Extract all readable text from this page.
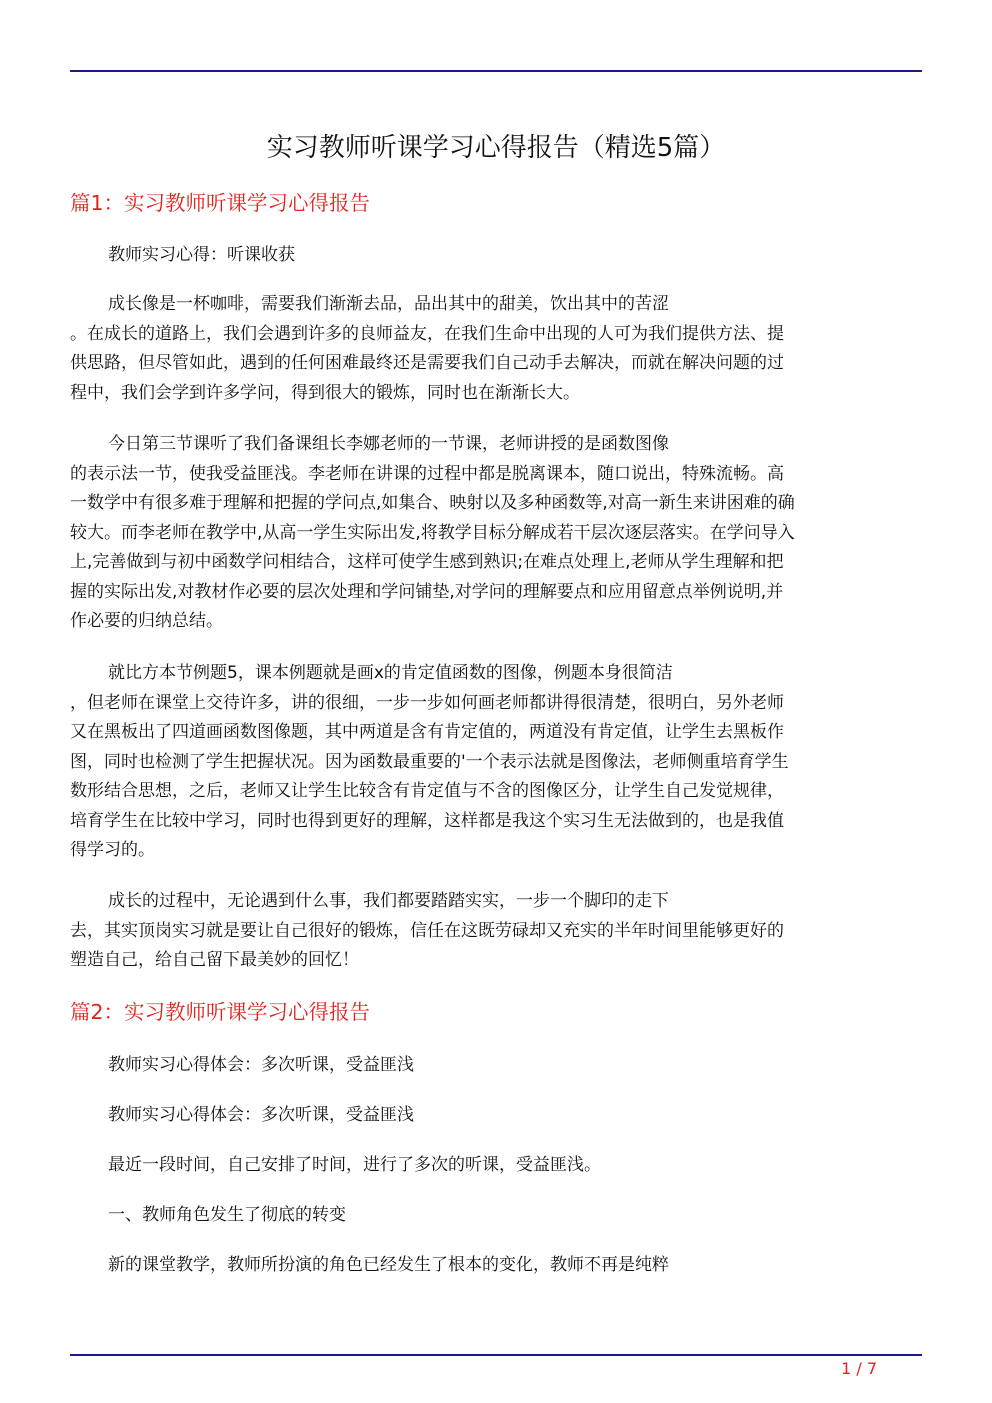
实习教师听课学习心得报告（精选5篇）
篇1：实习教师听课学习心得报告

教师实习心得：听课收获

成长像是一杯咖啡，需要我们渐渐去品，品出其中的甜美，饮出其中的苦涩
。在成长的道路上，我们会遇到许多的良师益友，在我们生命中出现的人可为我们提供方法、提
供思路，但尽管如此，遇到的任何困难最终还是需要我们自己动手去解决，而就在解决问题的过
程中，我们会学到许多学问，得到很大的锻炼，同时也在渐渐长大。

今日第三节课听了我们备课组长李娜老师的一节课，老师讲授的是函数图像
的表示法一节，使我受益匪浅。李老师在讲课的过程中都是脱离课本，随口说出，特殊流畅。高
一数学中有很多难于理解和把握的学问点,如集合、映射以及多种函数等,对高一新生来讲困难的确
较大。而李老师在教学中,从高一学生实际出发,将教学目标分解成若干层次逐层落实。在学问导入
上,完善做到与初中函数学问相结合，这样可使学生感到熟识;在难点处理上,老师从学生理解和把
握的实际出发,对教材作必要的层次处理和学问铺垫,对学问的理解要点和应用留意点举例说明,并
作必要的归纳总结。

就比方本节例题5，课本例题就是画x的肯定值函数的图像，例题本身很简洁
，但老师在课堂上交待许多，讲的很细，一步一步如何画老师都讲得很清楚，很明白，另外老师
又在黑板出了四道画函数图像题，其中两道是含有肯定值的，两道没有肯定值，让学生去黑板作
图，同时也检测了学生把握状况。因为函数最重要的'一个表示法就是图像法，老师侧重培育学生
数形结合思想，之后，老师又让学生比较含有肯定值与不含的图像区分，让学生自己发觉规律，
培育学生在比较中学习，同时也得到更好的理解，这样都是我这个实习生无法做到的，也是我值
得学习的。

成长的过程中，无论遇到什么事，我们都要踏踏实实，一步一个脚印的走下
去，其实顶岗实习就是要让自己很好的锻炼，信任在这既劳碌却又充实的半年时间里能够更好的
塑造自己，给自己留下最美妙的回忆！

篇2：实习教师听课学习心得报告

教师实习心得体会：多次听课，受益匪浅

教师实习心得体会：多次听课，受益匪浅

最近一段时间，自己安排了时间，进行了多次的听课，受益匪浅。

一、教师角色发生了彻底的转变

新的课堂教学，教师所扮演的角色已经发生了根本的变化，教师不再是纯粹

1 / 7
